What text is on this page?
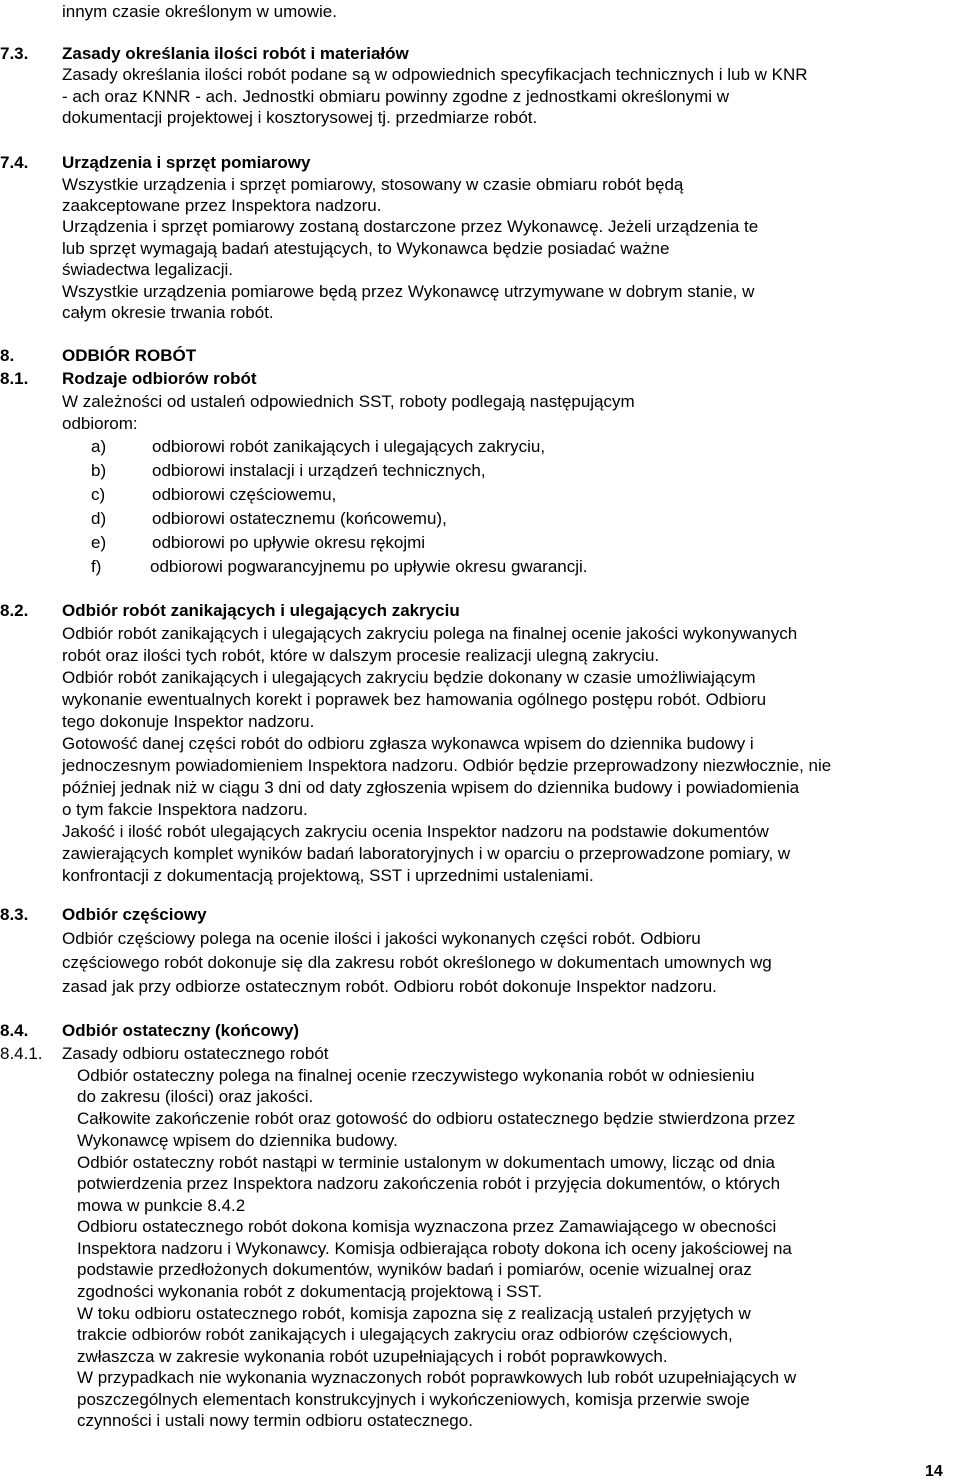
innym czasie określonym w umowie.
7.3. Zasady określania ilości robót i materiałów
Zasady określania ilości robót podane są w odpowiednich specyfikacjach technicznych i lub w KNR
- ach oraz KNNR - ach. Jednostki obmiaru powinny zgodne z jednostkami określonymi w
dokumentacji projektowej i kosztorysowej tj. przedmiarze robót.
7.4. Urządzenia i sprzęt pomiarowy
Wszystkie urządzenia i sprzęt pomiarowy, stosowany w czasie obmiaru robót będą
zaakceptowane przez Inspektora nadzoru.
Urządzenia i sprzęt pomiarowy zostaną dostarczone przez Wykonawcę. Jeżeli urządzenia te
lub sprzęt wymagają badań atestujących, to Wykonawca będzie posiadać ważne
świadectwa legalizacji.
Wszystkie urządzenia pomiarowe będą przez Wykonawcę utrzymywane w dobrym stanie, w
całym okresie trwania robót.
8.	ODBIÓR ROBÓT
8.1. Rodzaje odbiorów robót
W zależności od ustaleń odpowiednich SST, roboty podlegają następującym
odbiorom:
a)	odbiorowi robót zanikających i ulegających zakryciu,
b)	odbiorowi instalacji i urządzeń technicznych,
c)	odbiorowi częściowemu,
d)	odbiorowi ostatecznemu (końcowemu),
e)	odbiorowi po upływie okresu rękojmi
f)	odbiorowi pogwarancyjnemu po upływie okresu gwarancji.
8.2. Odbiór robót zanikających i ulegających zakryciu
Odbiór robót zanikających i ulegających zakryciu polega na finalnej ocenie jakości wykonywanych
robót oraz ilości tych robót, które w dalszym procesie realizacji ulegną zakryciu.
Odbiór robót zanikających i ulegających zakryciu będzie dokonany w czasie umożliwiającym
wykonanie ewentualnych korekt i poprawek bez hamowania ogólnego postępu robót. Odbioru
tego dokonuje Inspektor nadzoru.
Gotowość danej części robót do odbioru zgłasza wykonawca wpisem do dziennika budowy i
jednoczesnym powiadomieniem Inspektora nadzoru. Odbiór będzie przeprowadzony niezwłocznie, nie
później jednak niż w ciągu 3 dni od daty zgłoszenia wpisem do dziennika budowy i powiadomienia
o tym fakcie Inspektora nadzoru.
Jakość i ilość robót ulegających zakryciu ocenia Inspektor nadzoru na podstawie dokumentów
zawierających komplet wyników badań laboratoryjnych i w oparciu o przeprowadzone pomiary, w
konfrontacji z dokumentacją projektową, SST i uprzednimi ustaleniami.
8.3. Odbiór częściowy
Odbiór częściowy polega na ocenie ilości i jakości wykonanych części robót. Odbioru
częściowego robót dokonuje się dla zakresu robót określonego w dokumentach umownych wg
zasad jak przy odbiorze ostatecznym robót. Odbioru robót dokonuje Inspektor nadzoru.
8.4. Odbiór ostateczny (końcowy)
8.4.1. Zasady odbioru ostatecznego robót
Odbiór ostateczny polega na finalnej ocenie rzeczywistego wykonania robót w odniesieniu
do zakresu (ilości) oraz jakości.
Całkowite zakończenie robót oraz gotowość do odbioru ostatecznego będzie stwierdzona przez
Wykonawcę wpisem do dziennika budowy.
Odbiór ostateczny robót nastąpi w terminie ustalonym w dokumentach umowy, licząc od dnia
potwierdzenia przez Inspektora nadzoru zakończenia robót i przyjęcia dokumentów, o których
mowa w punkcie 8.4.2
Odbioru ostatecznego robót dokona komisja wyznaczona przez Zamawiającego w obecności
Inspektora nadzoru i Wykonawcy. Komisja odbierająca roboty dokona ich oceny jakościowej na
podstawie przedłożonych dokumentów, wyników badań i pomiarów, ocenie wizualnej oraz
zgodności wykonania robót z dokumentacją projektową i SST.
W toku odbioru ostatecznego robót, komisja zapozna się z realizacją ustaleń przyjętych w
trakcie odbiorów robót zanikających i ulegających zakryciu oraz odbiorów częściowych,
zwłaszcza w zakresie wykonania robót uzupełniających i robót poprawkowych.
W przypadkach nie wykonania wyznaczonych robót poprawkowych lub robót uzupełniających w
poszczególnych elementach konstrukcyjnych i wykończeniowych, komisja przerwie swoje
czynności i ustali nowy termin odbioru ostatecznego.
14
